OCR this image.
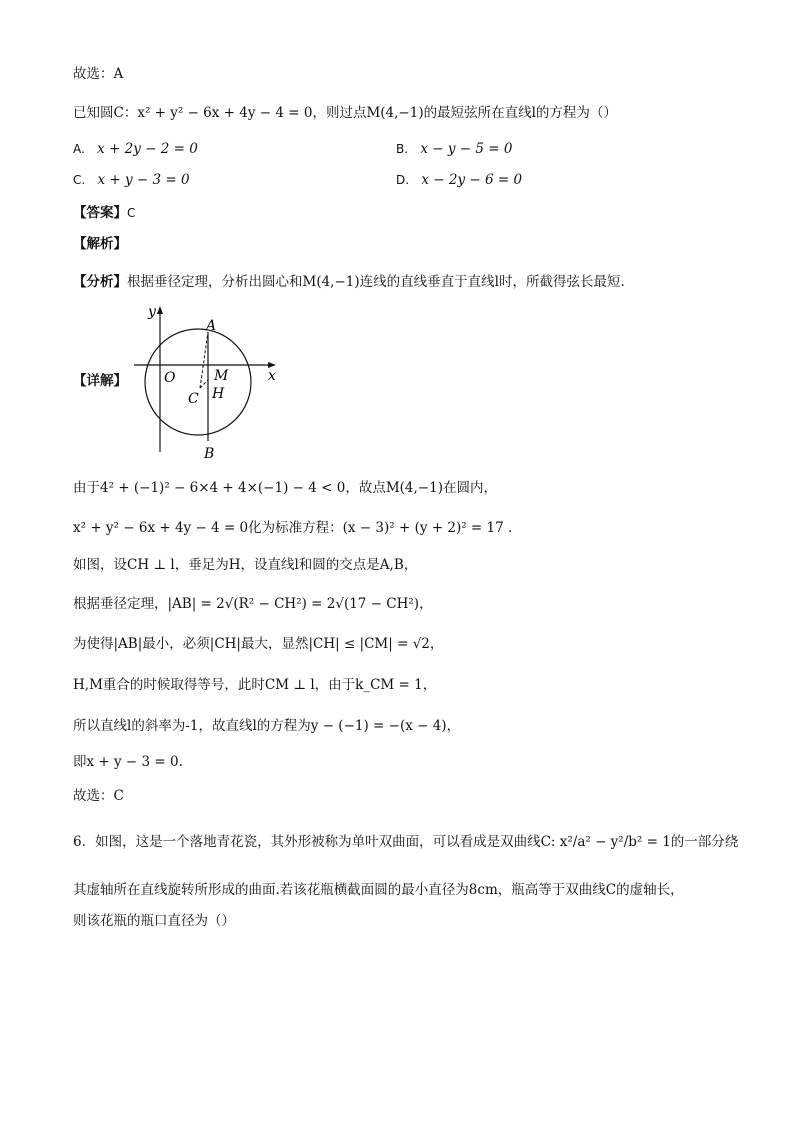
故选：A
已知圆C：x² + y² − 6x + 4y − 4 = 0，则过点M(4,−1)的最短弦所在直线l的方程为（）
A. x + 2y − 2 = 0	B. x − y − 5 = 0
C. x + y − 3 = 0	D. x − 2y − 6 = 0
【答案】C
【解析】
【分析】根据垂径定理，分析出圆心和M(4,−1)连线的直线垂直于直线l时，所截得弦长最短.
【详解】
y
x
O
A
M
H
C
B
由于4² + (−1)² − 6×4 + 4×(−1) − 4 < 0，故点M(4,−1)在圆内，
x² + y² − 6x + 4y − 4 = 0化为标准方程：(x − 3)² + (y + 2)² = 17 .
如图，设CH ⊥ l，垂足为H，设直线l和圆的交点是A,B，
根据垂径定理，|AB| = 2√(R² − CH²) = 2√(17 − CH²)，
为使得|AB|最小，必须|CH|最大，显然|CH| ≤ |CM| = √2，
H,M重合的时候取得等号，此时CM ⊥ l，由于k_CM = 1，
所以直线l的斜率为-1，故直线l的方程为y − (−1) = −(x − 4)，
即x + y − 3 = 0.
故选：C
6．如图，这是一个落地青花瓷，其外形被称为单叶双曲面，可以看成是双曲线C: x²/a² − y²/b² = 1的一部分绕
其虚轴所在直线旋转所形成的曲面.若该花瓶横截面圆的最小直径为8cm，瓶高等于双曲线C的虚轴长，
则该花瓶的瓶口直径为（）
